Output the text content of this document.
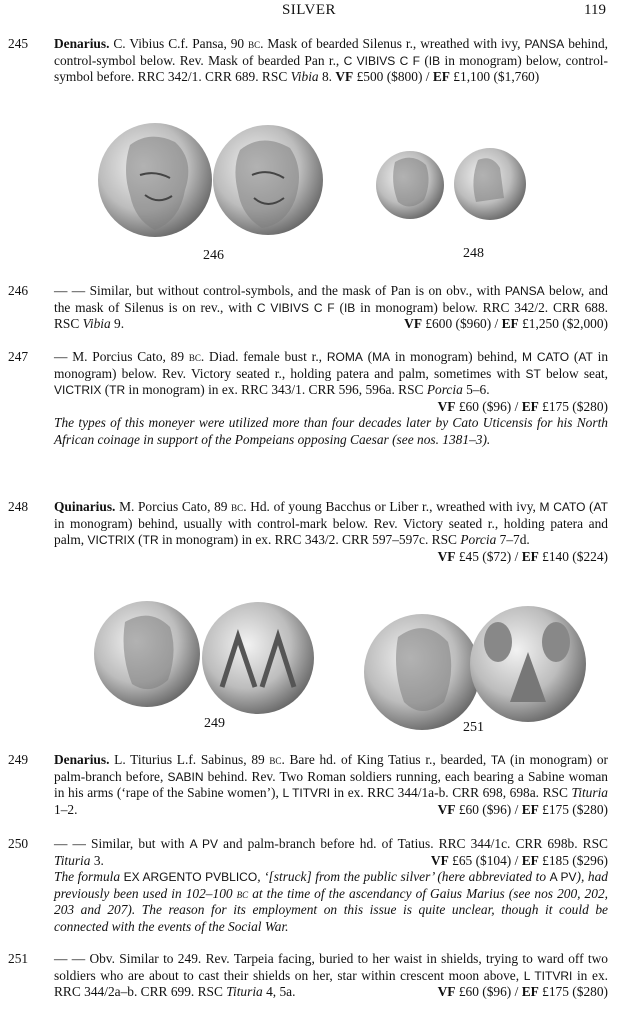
SILVER	119
245	Denarius. C. Vibius C.f. Pansa, 90 bc. Mask of bearded Silenus r., wreathed with ivy, PANSA behind, control-symbol below. Rev. Mask of bearded Pan r., C VIBIVS C F (IB in monogram) below, control-symbol before. RRC 342/1. CRR 689. RSC Vibia 8. VF £500 ($800) / EF £1,100 ($1,760)
246	248
246	— — Similar, but without control-symbols, and the mask of Pan is on obv., with PANSA below, and the mask of Silenus is on rev., with C VIBIVS C F (IB in monogram) below. RRC 342/2. CRR 688. RSC Vibia 9.	VF £600 ($960) / EF £1,250 ($2,000)
247	— M. Porcius Cato, 89 bc. Diad. female bust r., ROMA (MA in monogram) behind, M CATO (AT in monogram) below. Rev. Victory seated r., holding patera and palm, sometimes with ST below seat, VICTRIX (TR in monogram) in ex. RRC 343/1. CRR 596, 596a. RSC Porcia 5–6.
VF £60 ($96) / EF £175 ($280)
The types of this moneyer were utilized more than four decades later by Cato Uticensis for his North African coinage in support of the Pompeians opposing Caesar (see nos. 1381–3).
248	Quinarius. M. Porcius Cato, 89 bc. Hd. of young Bacchus or Liber r., wreathed with ivy, M CATO (AT in monogram) behind, usually with control-mark below. Rev. Victory seated r., holding patera and palm, VICTRIX (TR in monogram) in ex. RRC 343/2. CRR 597–597c. RSC Porcia 7–7d.
VF £45 ($72) / EF £140 ($224)
249	251
249	Denarius. L. Titurius L.f. Sabinus, 89 bc. Bare hd. of King Tatius r., bearded, TA (in monogram) or palm-branch before, SABIN behind. Rev. Two Roman soldiers running, each bearing a Sabine woman in his arms (‘rape of the Sabine women’), L TITVRI in ex. RRC 344/1a-b. CRR 698, 698a. RSC Tituria 1–2.	VF £60 ($96) / EF £175 ($280)
250	— — Similar, but with A PV and palm-branch before hd. of Tatius. RRC 344/1c. CRR 698b. RSC Tituria 3.	VF £65 ($104) / EF £185 ($296)
The formula EX ARGENTO PVBLICO, ‘[struck] from the public silver’ (here abbreviated to A PV), had previously been used in 102–100 bc at the time of the ascendancy of Gaius Marius (see nos 200, 202, 203 and 207). The reason for its employment on this issue is quite unclear, though it could be connected with the events of the Social War.
251	— — Obv. Similar to 249. Rev. Tarpeia facing, buried to her waist in shields, trying to ward off two soldiers who are about to cast their shields on her, star within crescent moon above, L TITVRI in ex. RRC 344/2a–b. CRR 699. RSC Tituria 4, 5a.	VF £60 ($96) / EF £175 ($280)
